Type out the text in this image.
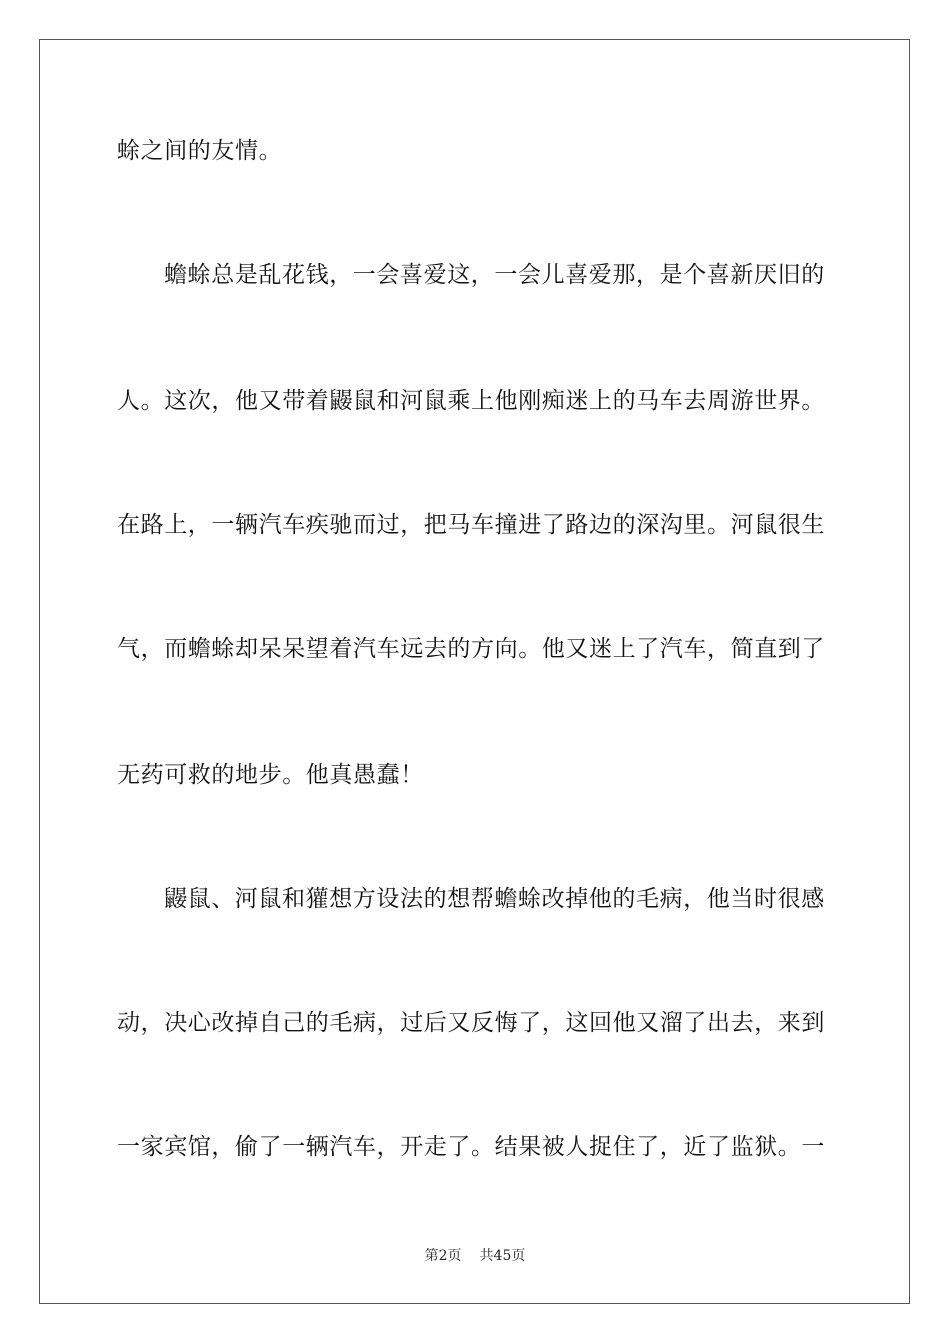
蜍之间的友情。
蟾蜍总是乱花钱，一会喜爱这，一会儿喜爱那，是个喜新厌旧的
人。这次，他又带着鼹鼠和河鼠乘上他刚痴迷上的马车去周游世界。
在路上，一辆汽车疾驰而过，把马车撞进了路边的深沟里。河鼠很生
气，而蟾蜍却呆呆望着汽车远去的方向。他又迷上了汽车，简直到了
无药可救的地步。他真愚蠢！
鼹鼠、河鼠和獾想方设法的想帮蟾蜍改掉他的毛病，他当时很感
动，决心改掉自己的毛病，过后又反悔了，这回他又溜了出去，来到
一家宾馆，偷了一辆汽车，开走了。结果被人捉住了，近了监狱。一
第2页 共45页
